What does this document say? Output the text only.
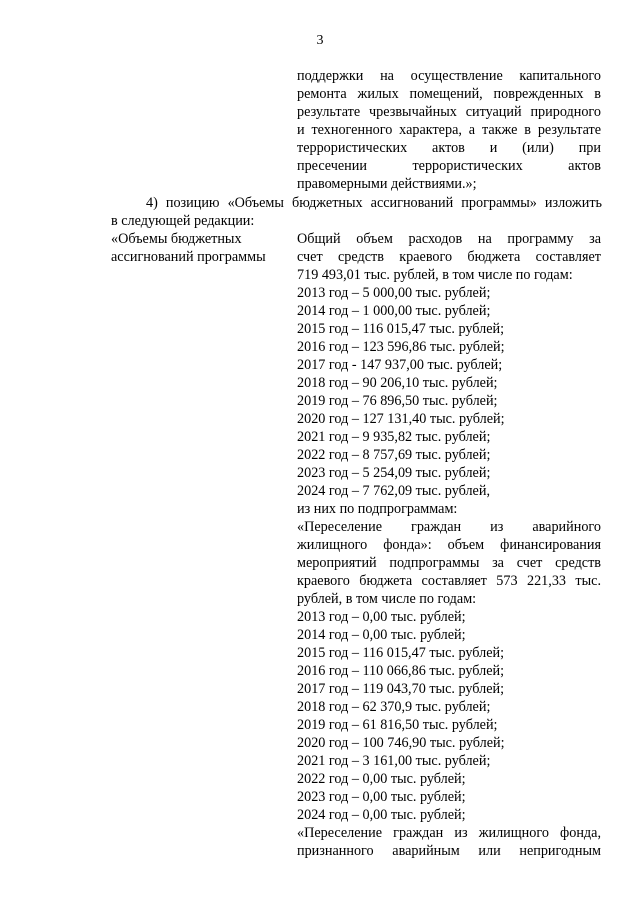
3
поддержки на осуществление капитального
ремонта жилых помещений, поврежденных в
результате чрезвычайных ситуаций природного
и техногенного характера, а также в результате
террористических актов и (или) при
пресечении террористических актов
правомерными действиями.»;
4) позицию «Объемы бюджетных ассигнований программы» изложить
в следующей редакции:
«Объемы бюджетных
ассигнований программы
Общий объем расходов на программу за
счет средств краевого бюджета составляет
719 493,01 тыс. рублей, в том числе по годам:
2013 год – 5 000,00 тыс. рублей;
2014 год – 1 000,00 тыс. рублей;
2015 год – 116 015,47 тыс. рублей;
2016 год – 123 596,86 тыс. рублей;
2017 год - 147 937,00 тыс. рублей;
2018 год – 90 206,10 тыс. рублей;
2019 год – 76 896,50 тыс. рублей;
2020 год – 127 131,40 тыс. рублей;
2021 год – 9 935,82 тыс. рублей;
2022 год – 8 757,69 тыс. рублей;
2023 год – 5 254,09 тыс. рублей;
2024 год – 7 762,09 тыс. рублей,
из них по подпрограммам:
«Переселение граждан из аварийного
жилищного фонда»: объем финансирования
мероприятий подпрограммы за счет средств
краевого бюджета составляет 573 221,33 тыс.
рублей, в том числе по годам:
2013 год – 0,00 тыс. рублей;
2014 год – 0,00 тыс. рублей;
2015 год – 116 015,47 тыс. рублей;
2016 год – 110 066,86 тыс. рублей;
2017 год – 119 043,70 тыс. рублей;
2018 год – 62 370,9 тыс. рублей;
2019 год – 61 816,50 тыс. рублей;
2020 год – 100 746,90 тыс. рублей;
2021 год – 3 161,00 тыс. рублей;
2022 год – 0,00 тыс. рублей;
2023 год – 0,00 тыс. рублей;
2024 год – 0,00 тыс. рублей;
«Переселение граждан из жилищного фонда,
признанного аварийным или непригодным
